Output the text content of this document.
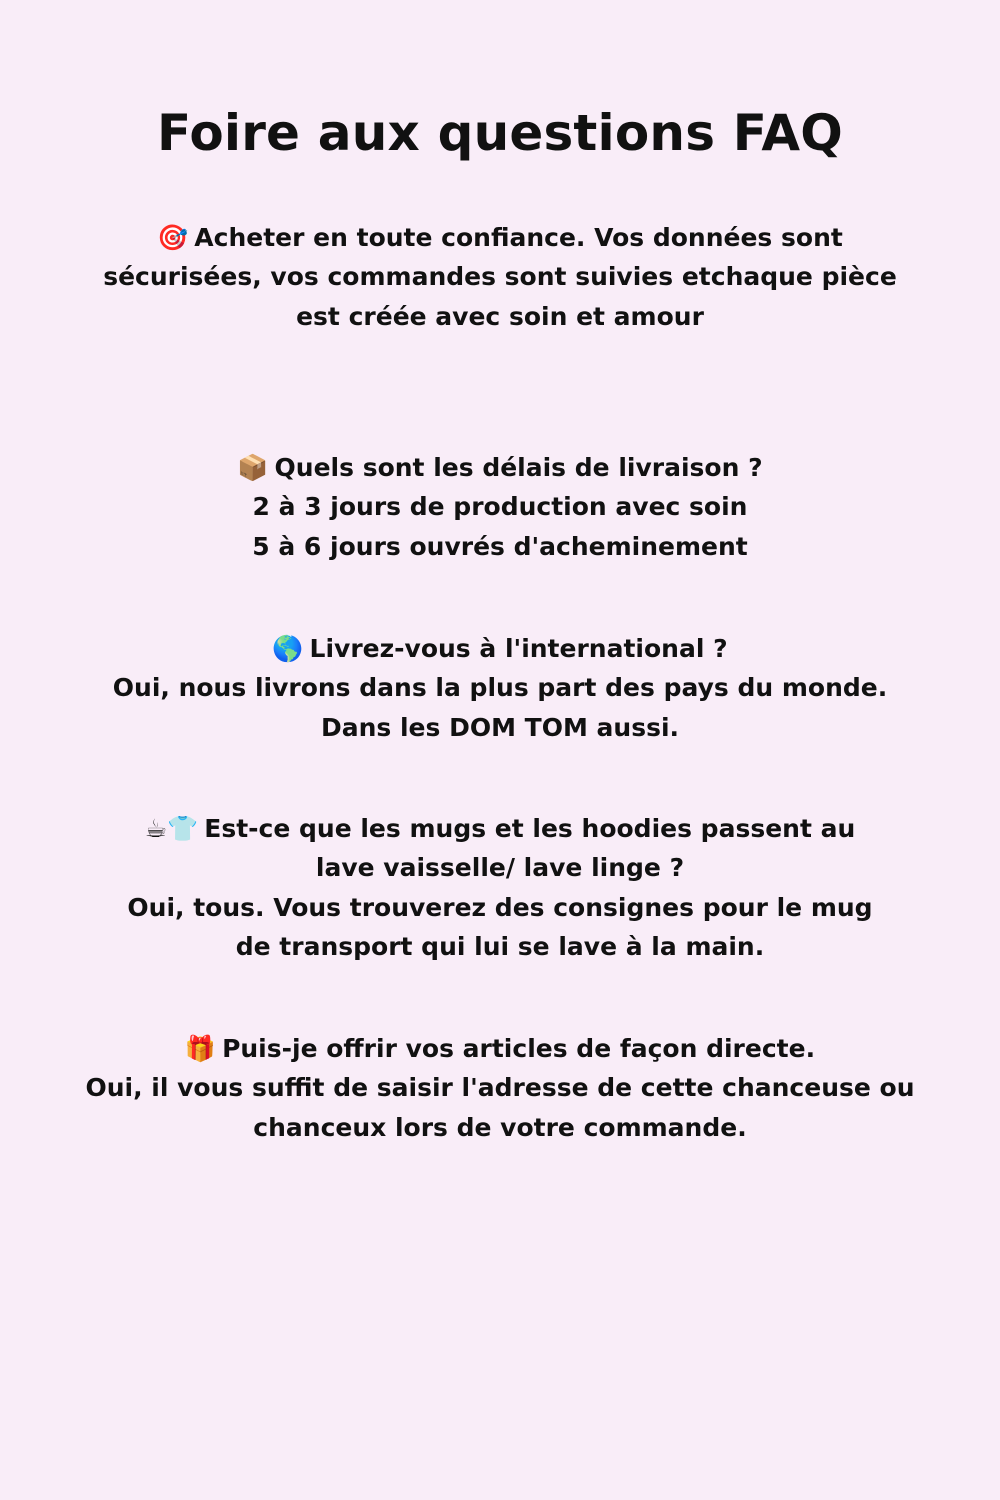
Foire aux questions FAQ
🎯 Acheter en toute confiance. Vos données sont
sécurisées, vos commandes sont suivies etchaque pièce
est créée avec soin et amour
📦 Quels sont les délais de livraison ?
2 à 3 jours de production avec soin
5 à 6 jours ouvrés d'acheminement
🌎 Livrez-vous à l'international ?
Oui, nous livrons dans la plus part des pays du monde.
Dans les DOM TOM aussi.
☕👕 Est-ce que les mugs et les hoodies passent au
lave vaisselle/ lave linge ?
Oui, tous. Vous trouverez des consignes pour le mug
de transport qui lui se lave à la main.
🎁 Puis-je offrir vos articles de façon directe.
Oui, il vous suffit de saisir l'adresse de cette chanceuse ou
chanceux lors de votre commande.
